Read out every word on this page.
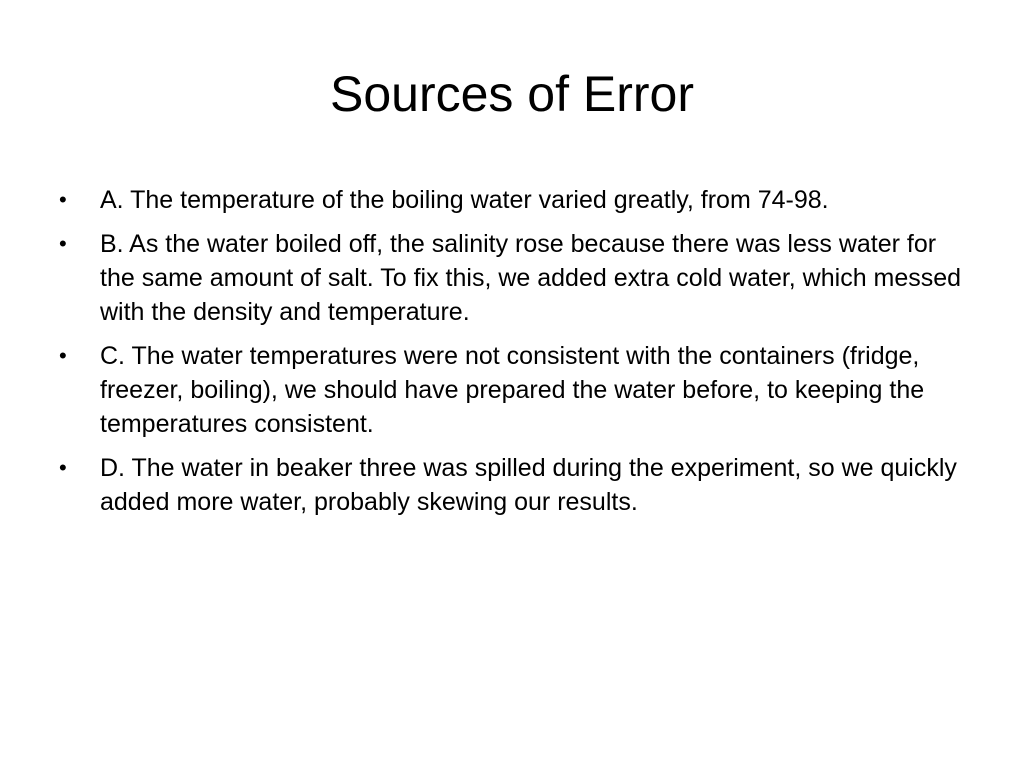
Sources of Error
•	A. The temperature of the boiling water varied greatly, from 74-98.
•	B. As the water boiled off, the salinity rose because there was less water for the same amount of salt. To fix this, we added extra cold water, which messed with the density and temperature.
•	C. The water temperatures were not consistent with the containers (fridge, freezer, boiling), we should have prepared the water before, to keeping the temperatures consistent.
•	D. The water in beaker three was spilled during the experiment, so we quickly added more water, probably skewing our results.
